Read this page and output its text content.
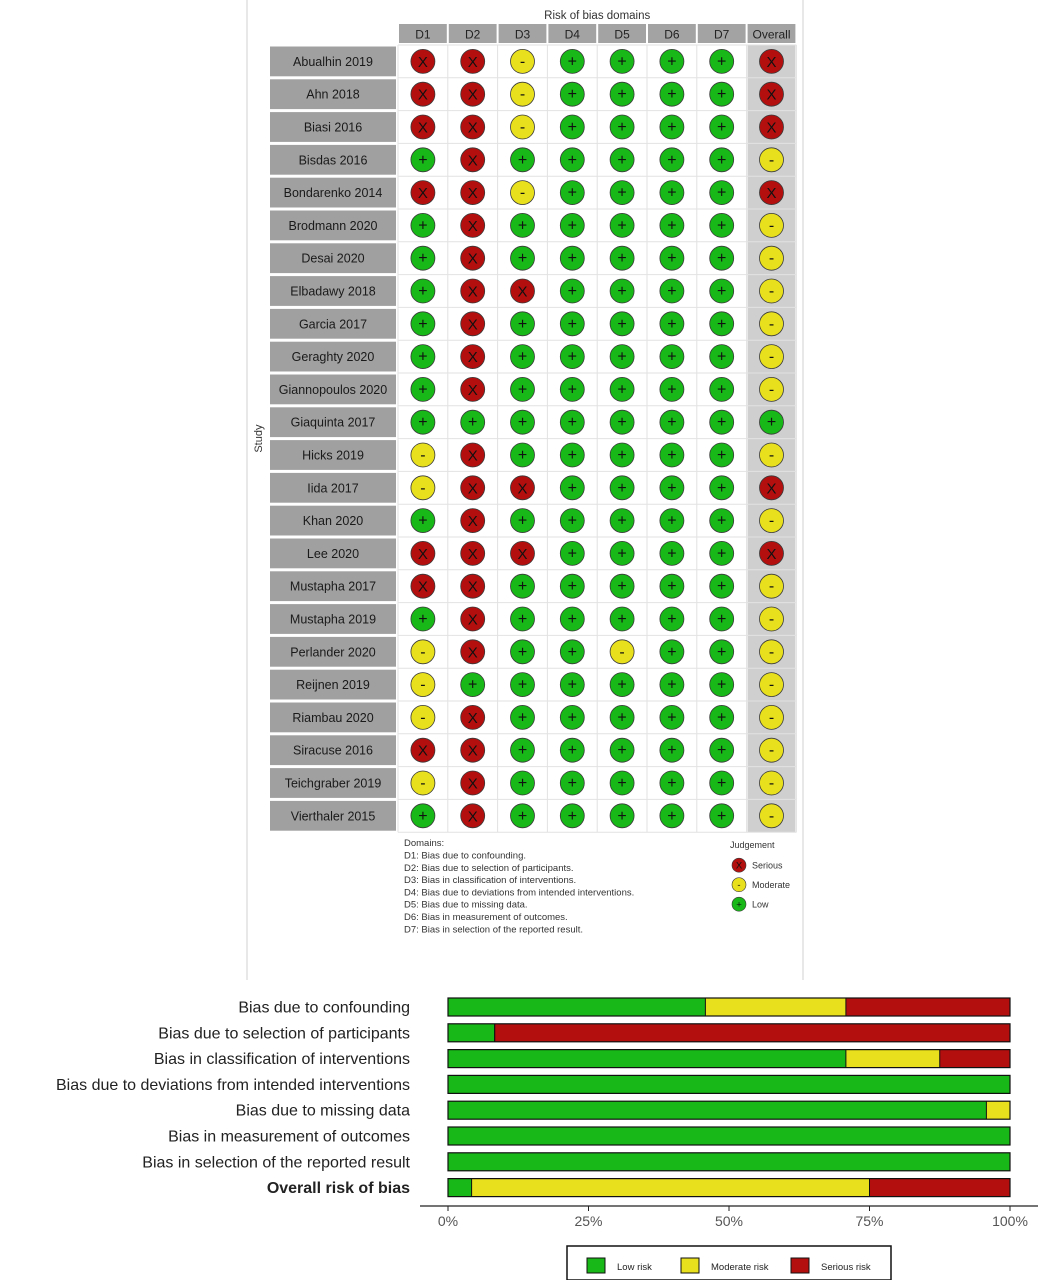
Risk of bias domains
D1	D2	D3	D4	D5	D6	D7 Overall
Study
Abualhin 2019	X	X	-	+	+	+	+	X
Ahn 2018	X	X	-	+	+	+	+	X
Biasi 2016	X	X	-	+	+	+	+	X
Bisdas 2016	+	X	+	+	+	+	+	-
Bondarenko 2014 X	X	-	+	+	+	+	X
Brodmann 2020	+	X	+	+	+	+	+	-
Desai 2020	+	X	+	+	+	+	+	-
Elbadawy 2018	+	X	X	+	+	+	+	-
Garcia 2017	+	X	+	+	+	+	+	-
Geraghty 2020	+	X	+	+	+	+	+	-
Giannopoulos 2020 +	X	+	+	+	+	+	-
Giaquinta 2017	+	+	+	+	+	+	+	+
Hicks 2019	-	X	+	+	+	+	+	-
Iida 2017	-	X	X	+	+	+	+	X
Khan 2020	+	X	+	+	+	+	+	-
Lee 2020	X	X	X	+	+	+	+	X
Mustapha 2017	X	X	+	+	+	+	+	-
Mustapha 2019	+	X	+	+	+	+	+	-
Perlander 2020	-	X	+	+	-	+	+	-
Reijnen 2019	-	+	+	+	+	+	+	-
Riambau 2020	-	X	+	+	+	+	+	-
Siracuse 2016	X	X	+	+	+	+	+	-
Teichgraber 2019 -	X	+	+	+	+	+	-
Vierthaler 2015	+	X	+	+	+	+	+	-
Domains:
D1: Bias due to confounding.
D2: Bias due to selection of participants.
D3: Bias in classification of interventions.
D4: Bias due to deviations from intended interventions.
D5: Bias due to missing data.
D6: Bias in measurement of outcomes.
D7: Bias in selection of the reported result.
Judgement
X Serious
- Moderate
+ Low
Bias due to confounding
Bias due to selection of participants
Bias in classification of interventions
Bias due to deviations from intended interventions
Bias due to missing data
Bias in measurement of outcomes
Bias in selection of the reported result
Overall risk of bias
0%	25%	50%	75%	100%
Low risk	Moderate risk	Serious risk
